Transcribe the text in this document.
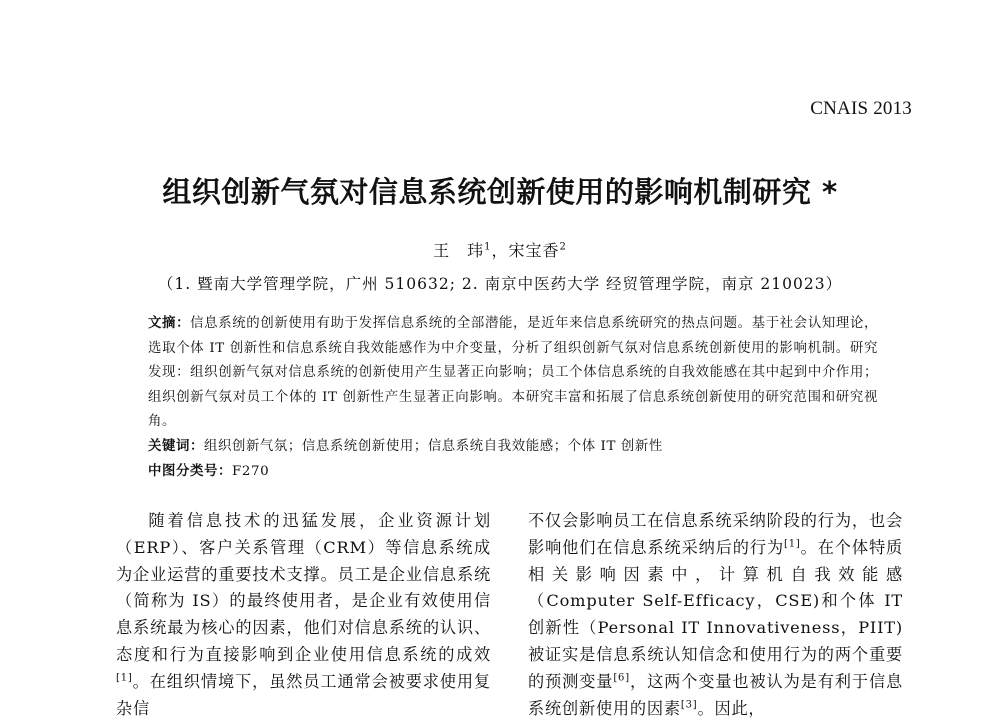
CNAIS 2013
组织创新气氛对信息系统创新使用的影响机制研究 *
王　玮$^1$，宋宝香$^2$
（1. 暨南大学管理学院，广州 510632; 2. 南京中医药大学 经贸管理学院，南京 210023）
文摘：信息系统的创新使用有助于发挥信息系统的全部潜能，是近年来信息系统研究的热点问题。基于社会认知理论，选取个体 IT 创新性和信息系统自我效能感作为中介变量，分析了组织创新气氛对信息系统创新使用的影响机制。研究发现：组织创新气氛对信息系统的创新使用产生显著正向影响；员工个体信息系统的自我效能感在其中起到中介作用；组织创新气氛对员工个体的 IT 创新性产生显著正向影响。本研究丰富和拓展了信息系统创新使用的研究范围和研究视角。
关键词：组织创新气氛；信息系统创新使用；信息系统自我效能感；个体 IT 创新性
中图分类号：F270

随着信息技术的迅猛发展，企业资源计划（ERP）、客户关系管理（CRM）等信息系统成为企业运营的重要技术支撑。员工是企业信息系统（简称为 IS）的最终使用者，是企业有效使用信息系统最为核心的因素，他们对信息系统的认识、态度和行为直接影响到企业使用信息系统的成效[1]。在组织情境下，虽然员工通常会被要求使用复杂信

不仅会影响员工在信息系统采纳阶段的行为，也会影响他们在信息系统采纳后的行为[1]。在个体特质相关影响因素中，计算机自我效能感（Computer Self-Efficacy，CSE)和个体 IT 创新性（Personal IT Innovativeness，PIIT)被证实是信息系统认知信念和使用行为的两个重要的预测变量[6]，这两个变量也被认为是有利于信息系统创新使用的因素[3]。因此，
